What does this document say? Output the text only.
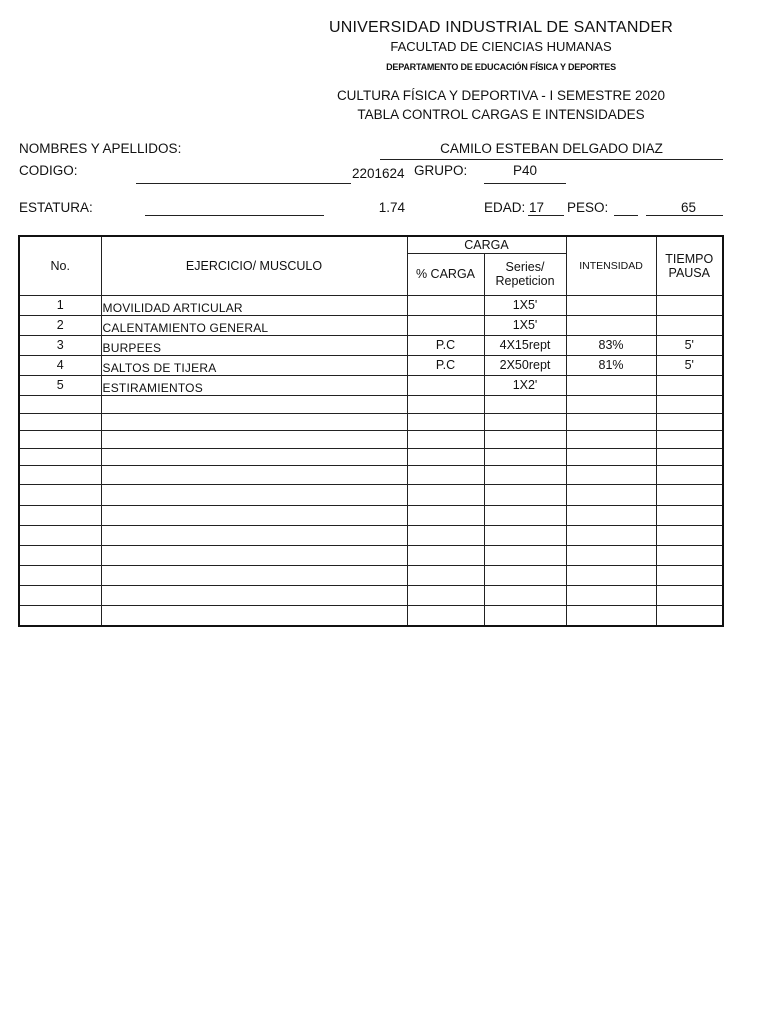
UNIVERSIDAD INDUSTRIAL DE SANTANDER
FACULTAD DE CIENCIAS HUMANAS
DEPARTAMENTO DE EDUCACIÓN FÍSICA Y DEPORTES
CULTURA FÍSICA Y DEPORTIVA - I SEMESTRE 2020
TABLA CONTROL CARGAS E INTENSIDADES
NOMBRES Y APELLIDOS:	CAMILO ESTEBAN DELGADO DIAZ
CODIGO:	2201624 GRUPO:	P40
ESTATURA:	1.74	EDAD: 17 PESO:	65
No.	EJERCICIO/ MUSCULO	CARGA		INTENSIDAD	TIEMPO
PAUSA

		% CARGA	Series/
Repeticion		

1	MOVILIDAD ARTICULAR		1X5'		
2	CALENTAMIENTO GENERAL		1X5'		
3	BURPEES	P.C	4X15rept	83%	5'
4	SALTOS DE TIJERA	P.C	2X50rept	81%	5'
5	ESTIRAMIENTOS		1X2'		
